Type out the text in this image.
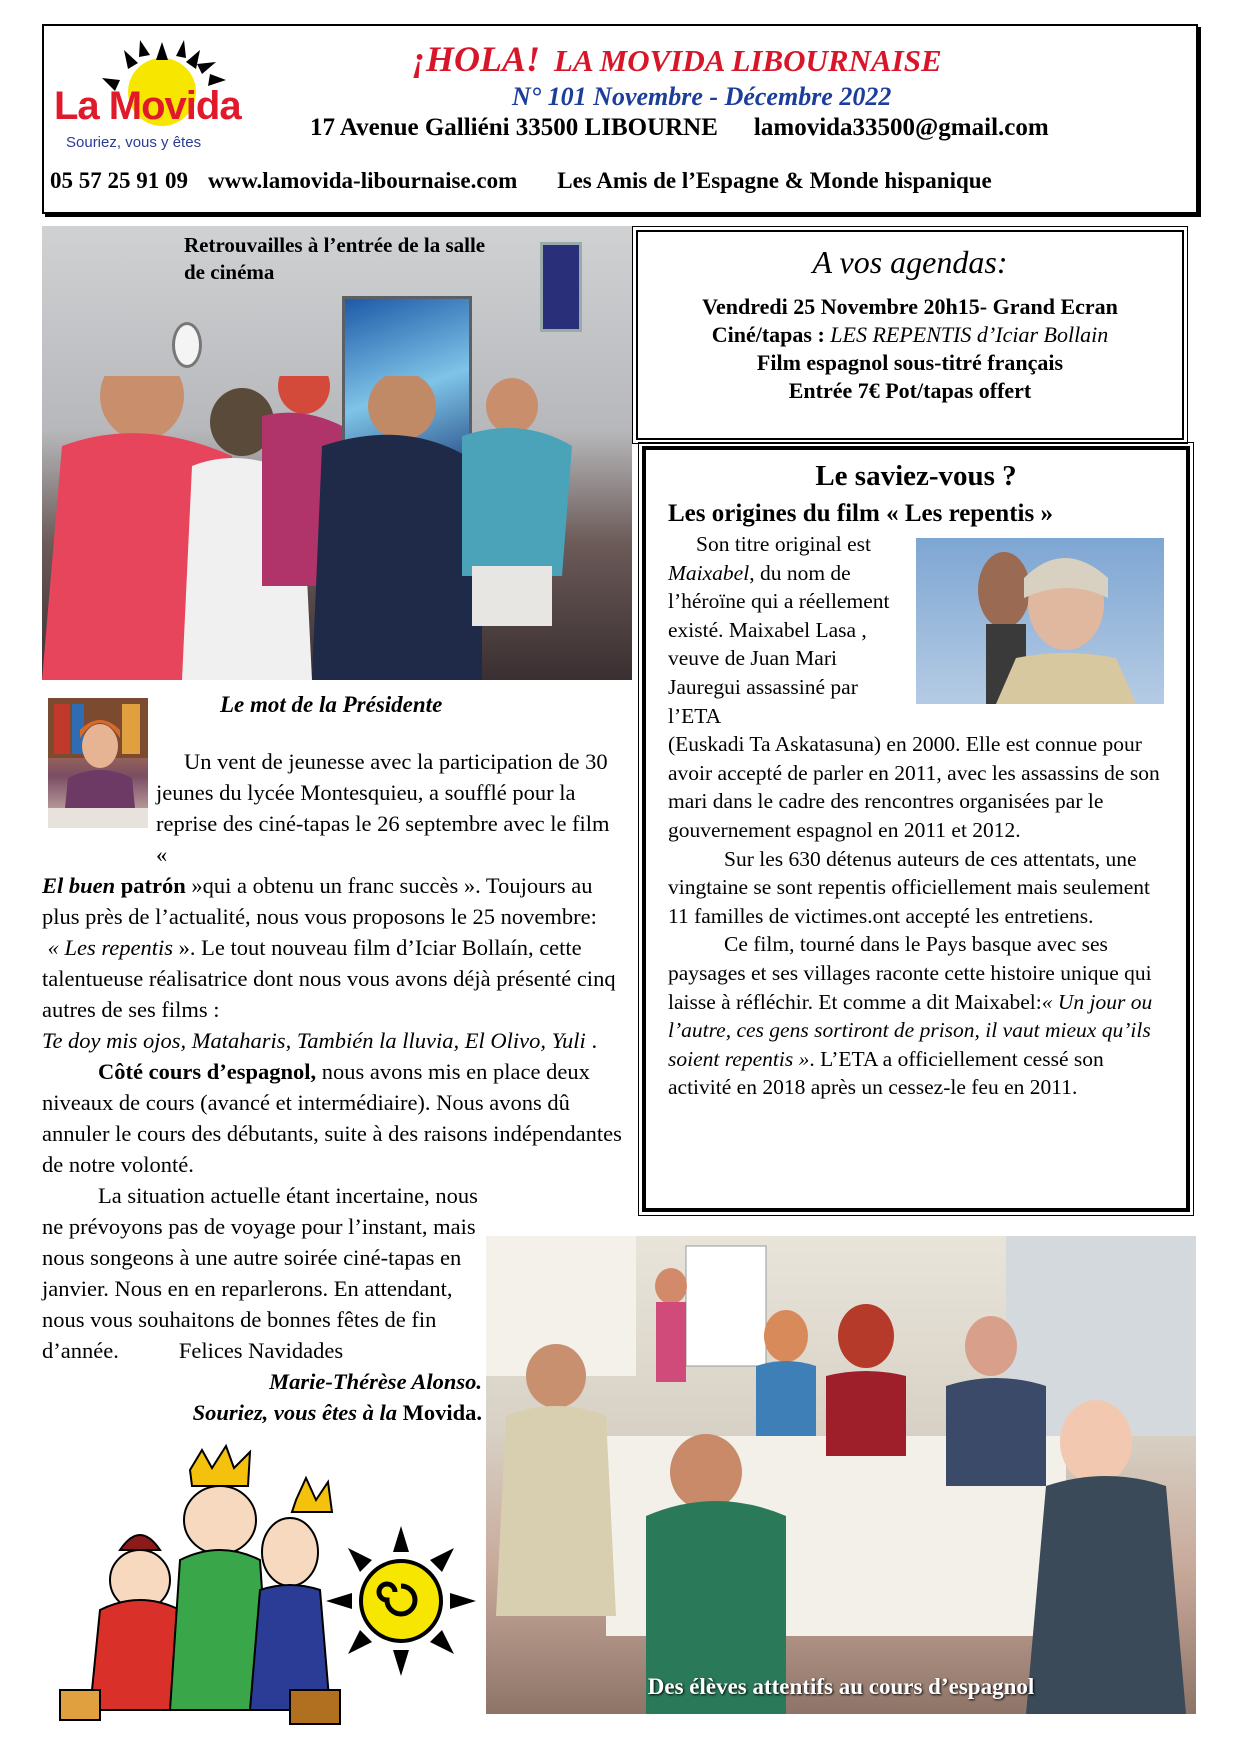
La Movida
Souriez, vous y êtes
¡HOLA! LA MOVIDA LIBOURNAISE
N° 101 Novembre - Décembre 2022
17 Avenue Galliéni 33500 LIBOURNE lamovida33500@gmail.com
05 57 25 91 09 www.lamovida-libournaise.com Les Amis de l’Espagne & Monde hispanique
Retrouvailles à l’entrée de la salle de cinéma	A vos agendas:
Vendredi 25 Novembre 20h15- Grand Ecran
Ciné/tapas : LES REPENTIS d’Iciar Bollain
Film espagnol sous-titré français
Entrée 7€ Pot/tapas offert
Le saviez-vous ?
Les origines du film « Les repentis »
Son titre original est Maixabel, du nom de l’héroïne qui a réellement existé. Maixabel Lasa , veuve de Juan Mari Jauregui assassiné par l’ETA
(Euskadi Ta Askatasuna) en 2000. Elle est connue pour avoir accepté de parler en 2011, avec les assassins de son mari dans le cadre des rencontres organisées par le gouvernement espagnol en 2011 et 2012.
Sur les 630 détenus auteurs de ces attentats, une vingtaine se sont repentis officiellement mais seulement 11 familles de victimes.ont accepté les entretiens.
Ce film, tourné dans le Pays basque avec ses paysages et ses villages raconte cette histoire unique qui laisse à réfléchir. Et comme a dit Maixabel:« Un jour ou l’autre, ces gens sortiront de prison, il vaut mieux qu’ils soient repentis ». L’ETA a officiellement cessé son activité en 2018 après un cessez-le feu en 2011.
Le mot de la Présidente
Un vent de jeunesse avec la participation de 30 jeunes du lycée Montesquieu, a soufflé pour la reprise des ciné-tapas le 26 septembre avec le film «
El buen patrón »qui a obtenu un franc succès ». Toujours au plus près de l’actualité, nous vous proposons le 25 novembre:
« Les repentis ». Le tout nouveau film d’Iciar Bollaín, cette talentueuse réalisatrice dont nous vous avons déjà présenté cinq autres de ses films :
Te doy mis ojos, Mataharis, También la lluvia, El Olivo, Yuli .
Côté cours d’espagnol, nous avons mis en place deux niveaux de cours (avancé et intermédiaire). Nous avons dû annuler le cours des débutants, suite à des raisons indépendantes de notre volonté.

La situation actuelle étant incertaine, nous ne prévoyons pas de voyage pour l’instant, mais nous songeons à une autre soirée ciné-tapas en janvier. Nous en en reparlerons. En attendant, nous vous souhaitons de bonnes fêtes de fin d’année.	Felices Navidades
Marie-Thérèse Alonso.
Souriez, vous êtes à la Movida.
Des élèves attentifs au cours d’espagnol
